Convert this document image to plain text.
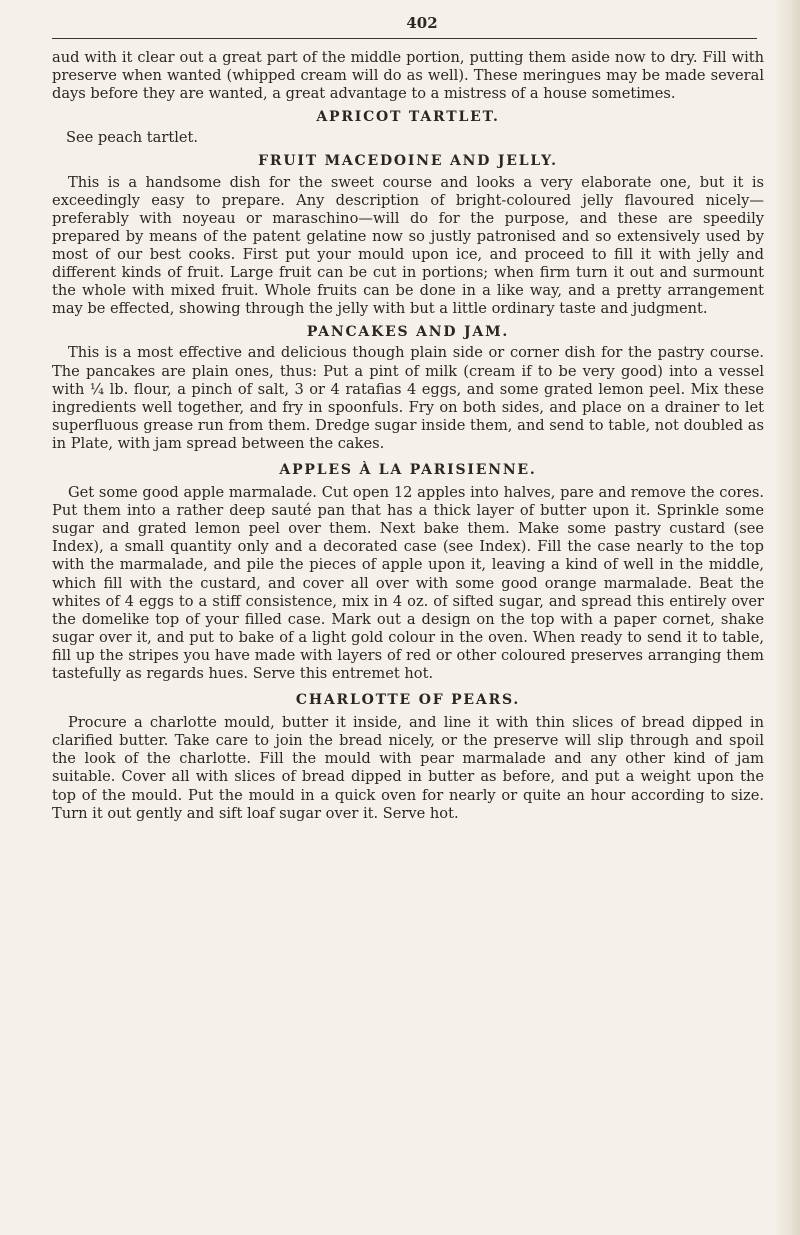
402

aud with it clear out a great part of the middle portion, putting them aside now to dry. Fill with preserve when wanted (whipped cream will do as well). These meringues may be made several days before they are wanted, a great advantage to a mistress of a house sometimes.

APRICOT TARTLET.

See peach tartlet.

FRUIT MACEDOINE AND JELLY.

This is a handsome dish for the sweet course and looks a very elaborate one, but it is exceedingly easy to prepare. Any description of bright-coloured jelly flavoured nicely—preferably with noyeau or maraschino—will do for the purpose, and these are speedily prepared by means of the patent gelatine now so justly patronised and so extensively used by most of our best cooks. First put your mould upon ice, and proceed to fill it with jelly and different kinds of fruit. Large fruit can be cut in portions; when firm turn it out and surmount the whole with mixed fruit. Whole fruits can be done in a like way, and a pretty arrangement may be effected, showing through the jelly with but a little ordinary taste and judgment.

PANCAKES AND JAM.

This is a most effective and delicious though plain side or corner dish for the pastry course. The pancakes are plain ones, thus: Put a pint of milk (cream if to be very good) into a vessel with ¼ lb. flour, a pinch of salt, 3 or 4 ratafias 4 eggs, and some grated lemon peel. Mix these ingredients well together, and fry in spoonfuls. Fry on both sides, and place on a drainer to let superfluous grease run from them. Dredge sugar inside them, and send to table, not doubled as in Plate, with jam spread between the cakes.

APPLES À LA PARISIENNE.

Get some good apple marmalade. Cut open 12 apples into halves, pare and remove the cores. Put them into a rather deep sauté pan that has a thick layer of butter upon it. Sprinkle some sugar and grated lemon peel over them. Next bake them. Make some pastry custard (see Index), a small quantity only and a decorated case (see Index). Fill the case nearly to the top with the marmalade, and pile the pieces of apple upon it, leaving a kind of well in the middle, which fill with the custard, and cover all over with some good orange marmalade. Beat the whites of 4 eggs to a stiff consistence, mix in 4 oz. of sifted sugar, and spread this entirely over the domelike top of your filled case. Mark out a design on the top with a paper cornet, shake sugar over it, and put to bake of a light gold colour in the oven. When ready to send it to table, fill up the stripes you have made with layers of red or other coloured preserves arranging them tastefully as regards hues. Serve this entremet hot.

CHARLOTTE OF PEARS.

Procure a charlotte mould, butter it inside, and line it with thin slices of bread dipped in clarified butter. Take care to join the bread nicely, or the preserve will slip through and spoil the look of the charlotte. Fill the mould with pear marmalade and any other kind of jam suitable. Cover all with slices of bread dipped in butter as before, and put a weight upon the top of the mould. Put the mould in a quick oven for nearly or quite an hour according to size. Turn it out gently and sift loaf sugar over it. Serve hot.
